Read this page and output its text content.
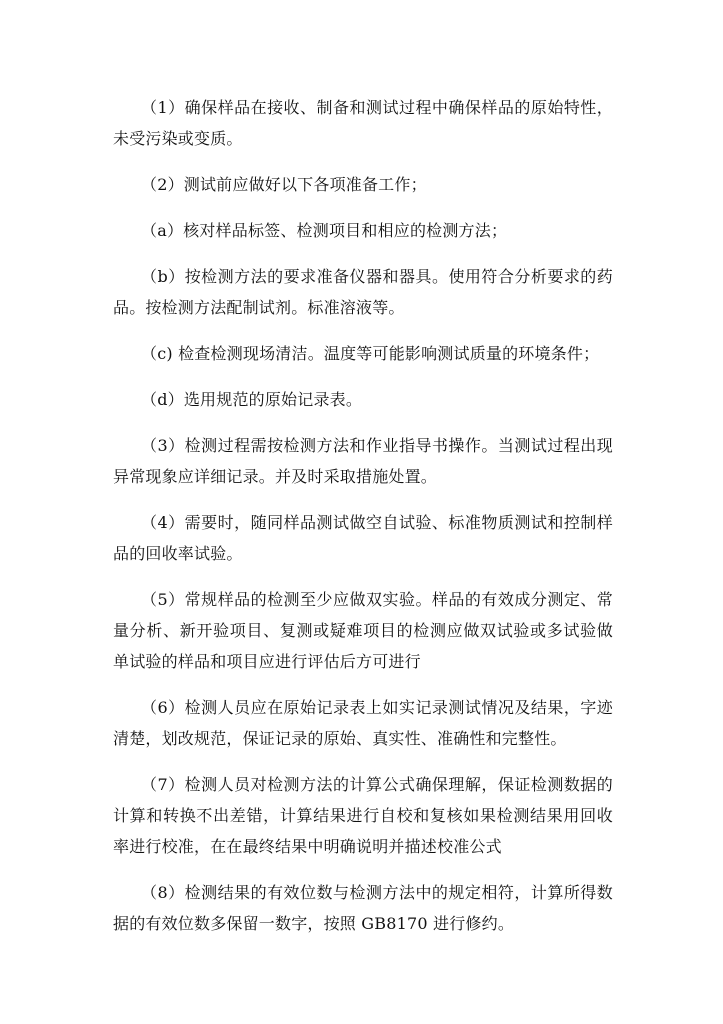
（1）确保样品在接收、制备和测试过程中确保样品的原始特性，未受污染或变质。

（2）测试前应做好以下各项准备工作；

（a）核对样品标签、检测项目和相应的检测方法；

（b）按检测方法的要求准备仪器和器具。使用符合分析要求的药品。按检测方法配制试剂。标准溶液等。

（c) 检查检测现场清洁。温度等可能影响测试质量的环境条件；

（d）选用规范的原始记录表。

（3）检测过程需按检测方法和作业指导书操作。当测试过程出现异常现象应详细记录。并及时采取措施处置。

（4）需要时，随同样品测试做空自试验、标准物质测试和控制样品的回收率试验。

（5）常规样品的检测至少应做双实验。样品的有效成分测定、常量分析、新开验项目、复测或疑难项目的检测应做双试验或多试验做单试验的样品和项目应进行评估后方可进行

（6）检测人员应在原始记录表上如实记录测试情况及结果，字迹清楚，划改规范，保证记录的原始、真实性、准确性和完整性。

（7）检测人员对检测方法的计算公式确保理解，保证检测数据的计算和转换不出差错，计算结果进行自校和复核如果检测结果用回收率进行校准，在在最终结果中明确说明并描述校准公式

（8）检测结果的有效位数与检测方法中的规定相符，计算所得数据的有效位数多保留一数字，按照 GB8170 进行修约。
